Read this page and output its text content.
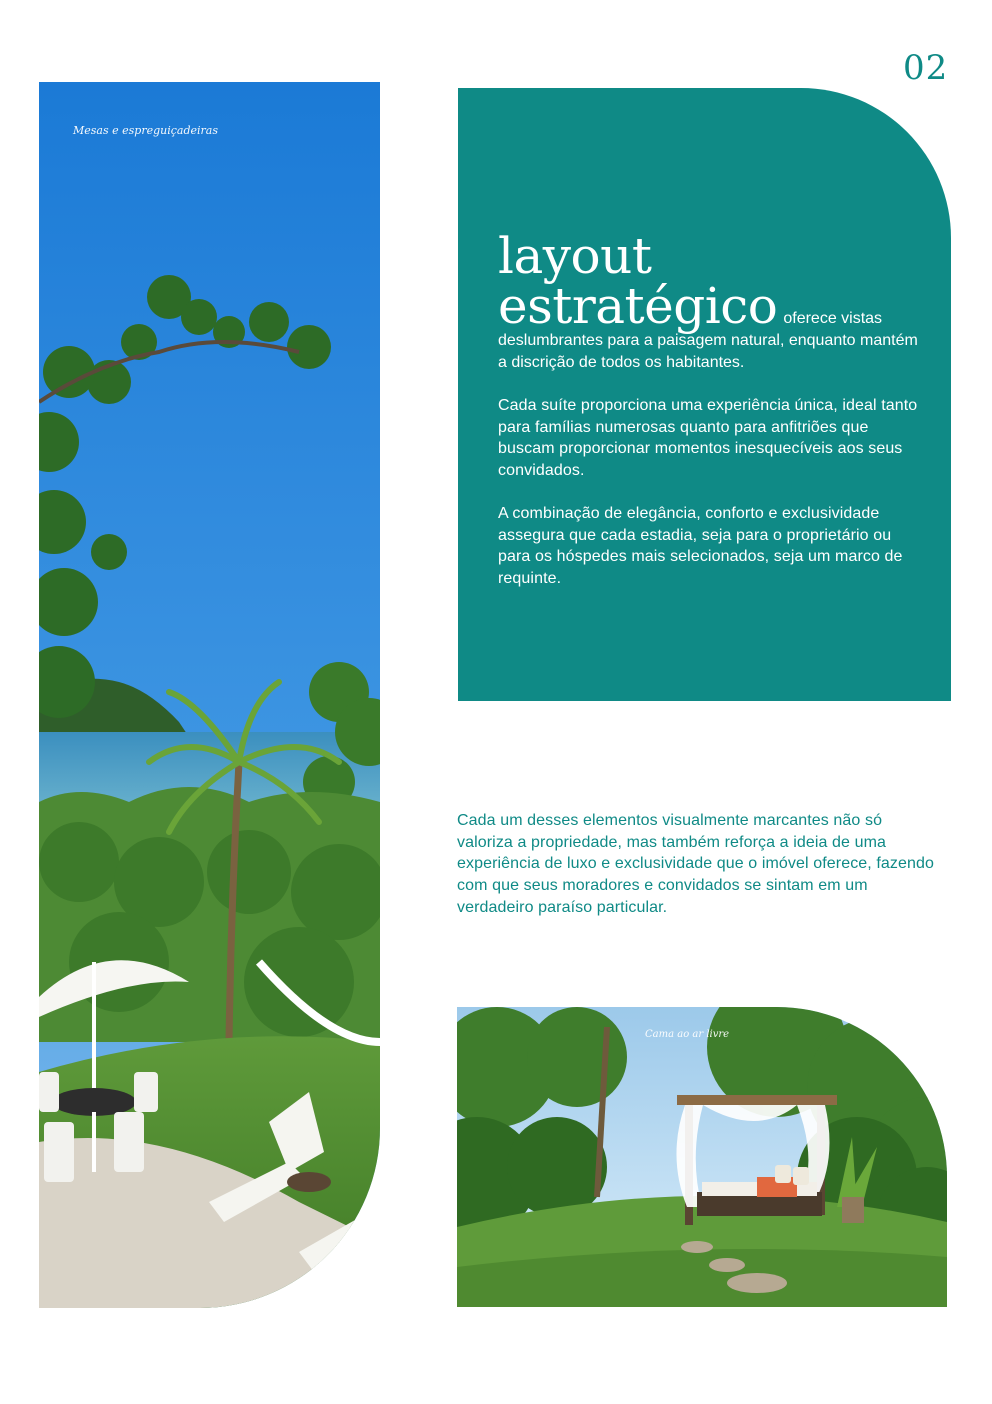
02
Mesas e espreguiçadeiras

layout

estratégico oferece vistas deslumbrantes para a paisagem natural, enquanto mantém a discrição de todos os habitantes.

Cada suíte proporciona uma experiência única, ideal tanto para famílias numerosas quanto para anfitriões que buscam proporcionar momentos inesquecíveis aos seus convidados.

A combinação de elegância, conforto e exclusividade assegura que cada estadia, seja para o proprietário ou para os hóspedes mais selecionados, seja um marco de requinte.

Cada um desses elementos visualmente marcantes não só valoriza a propriedade, mas também reforça a ideia de uma experiência de luxo e exclusividade que o imóvel oferece, fazendo com que seus moradores e convidados se sintam em um verdadeiro paraíso particular.

Cama ao ar livre
